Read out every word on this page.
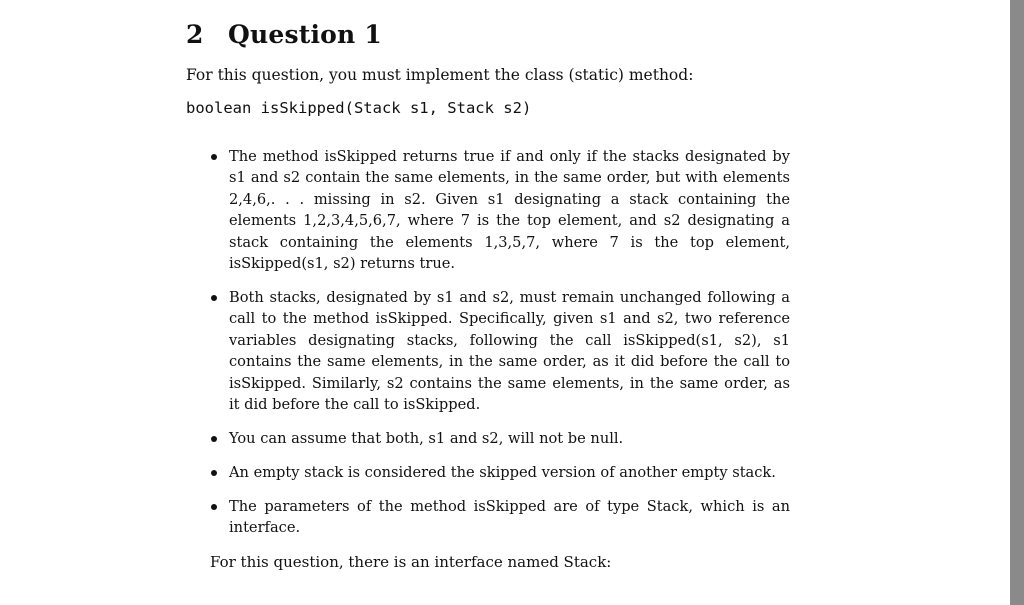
2 Question 1
For this question, you must implement the class (static) method:
boolean isSkipped(Stack s1, Stack s2)
The method isSkipped returns true if and only if the stacks designated by s1 and s2 contain the same elements, in the same order, but with elements 2,4,6,. . . missing in s2. Given s1 designating a stack containing the elements 1,2,3,4,5,6,7, where 7 is the top element, and s2 designating a stack containing the elements 1,3,5,7, where 7 is the top element, isSkipped(s1, s2) returns true.
Both stacks, designated by s1 and s2, must remain unchanged following a call to the method isSkipped. Specifically, given s1 and s2, two reference variables designating stacks, following the call isSkipped(s1, s2), s1 contains the same elements, in the same order, as it did before the call to isSkipped. Similarly, s2 contains the same elements, in the same order, as it did before the call to isSkipped.
You can assume that both, s1 and s2, will not be null.
An empty stack is considered the skipped version of another empty stack.
The parameters of the method isSkipped are of type Stack, which is an interface.
For this question, there is an interface named Stack:
